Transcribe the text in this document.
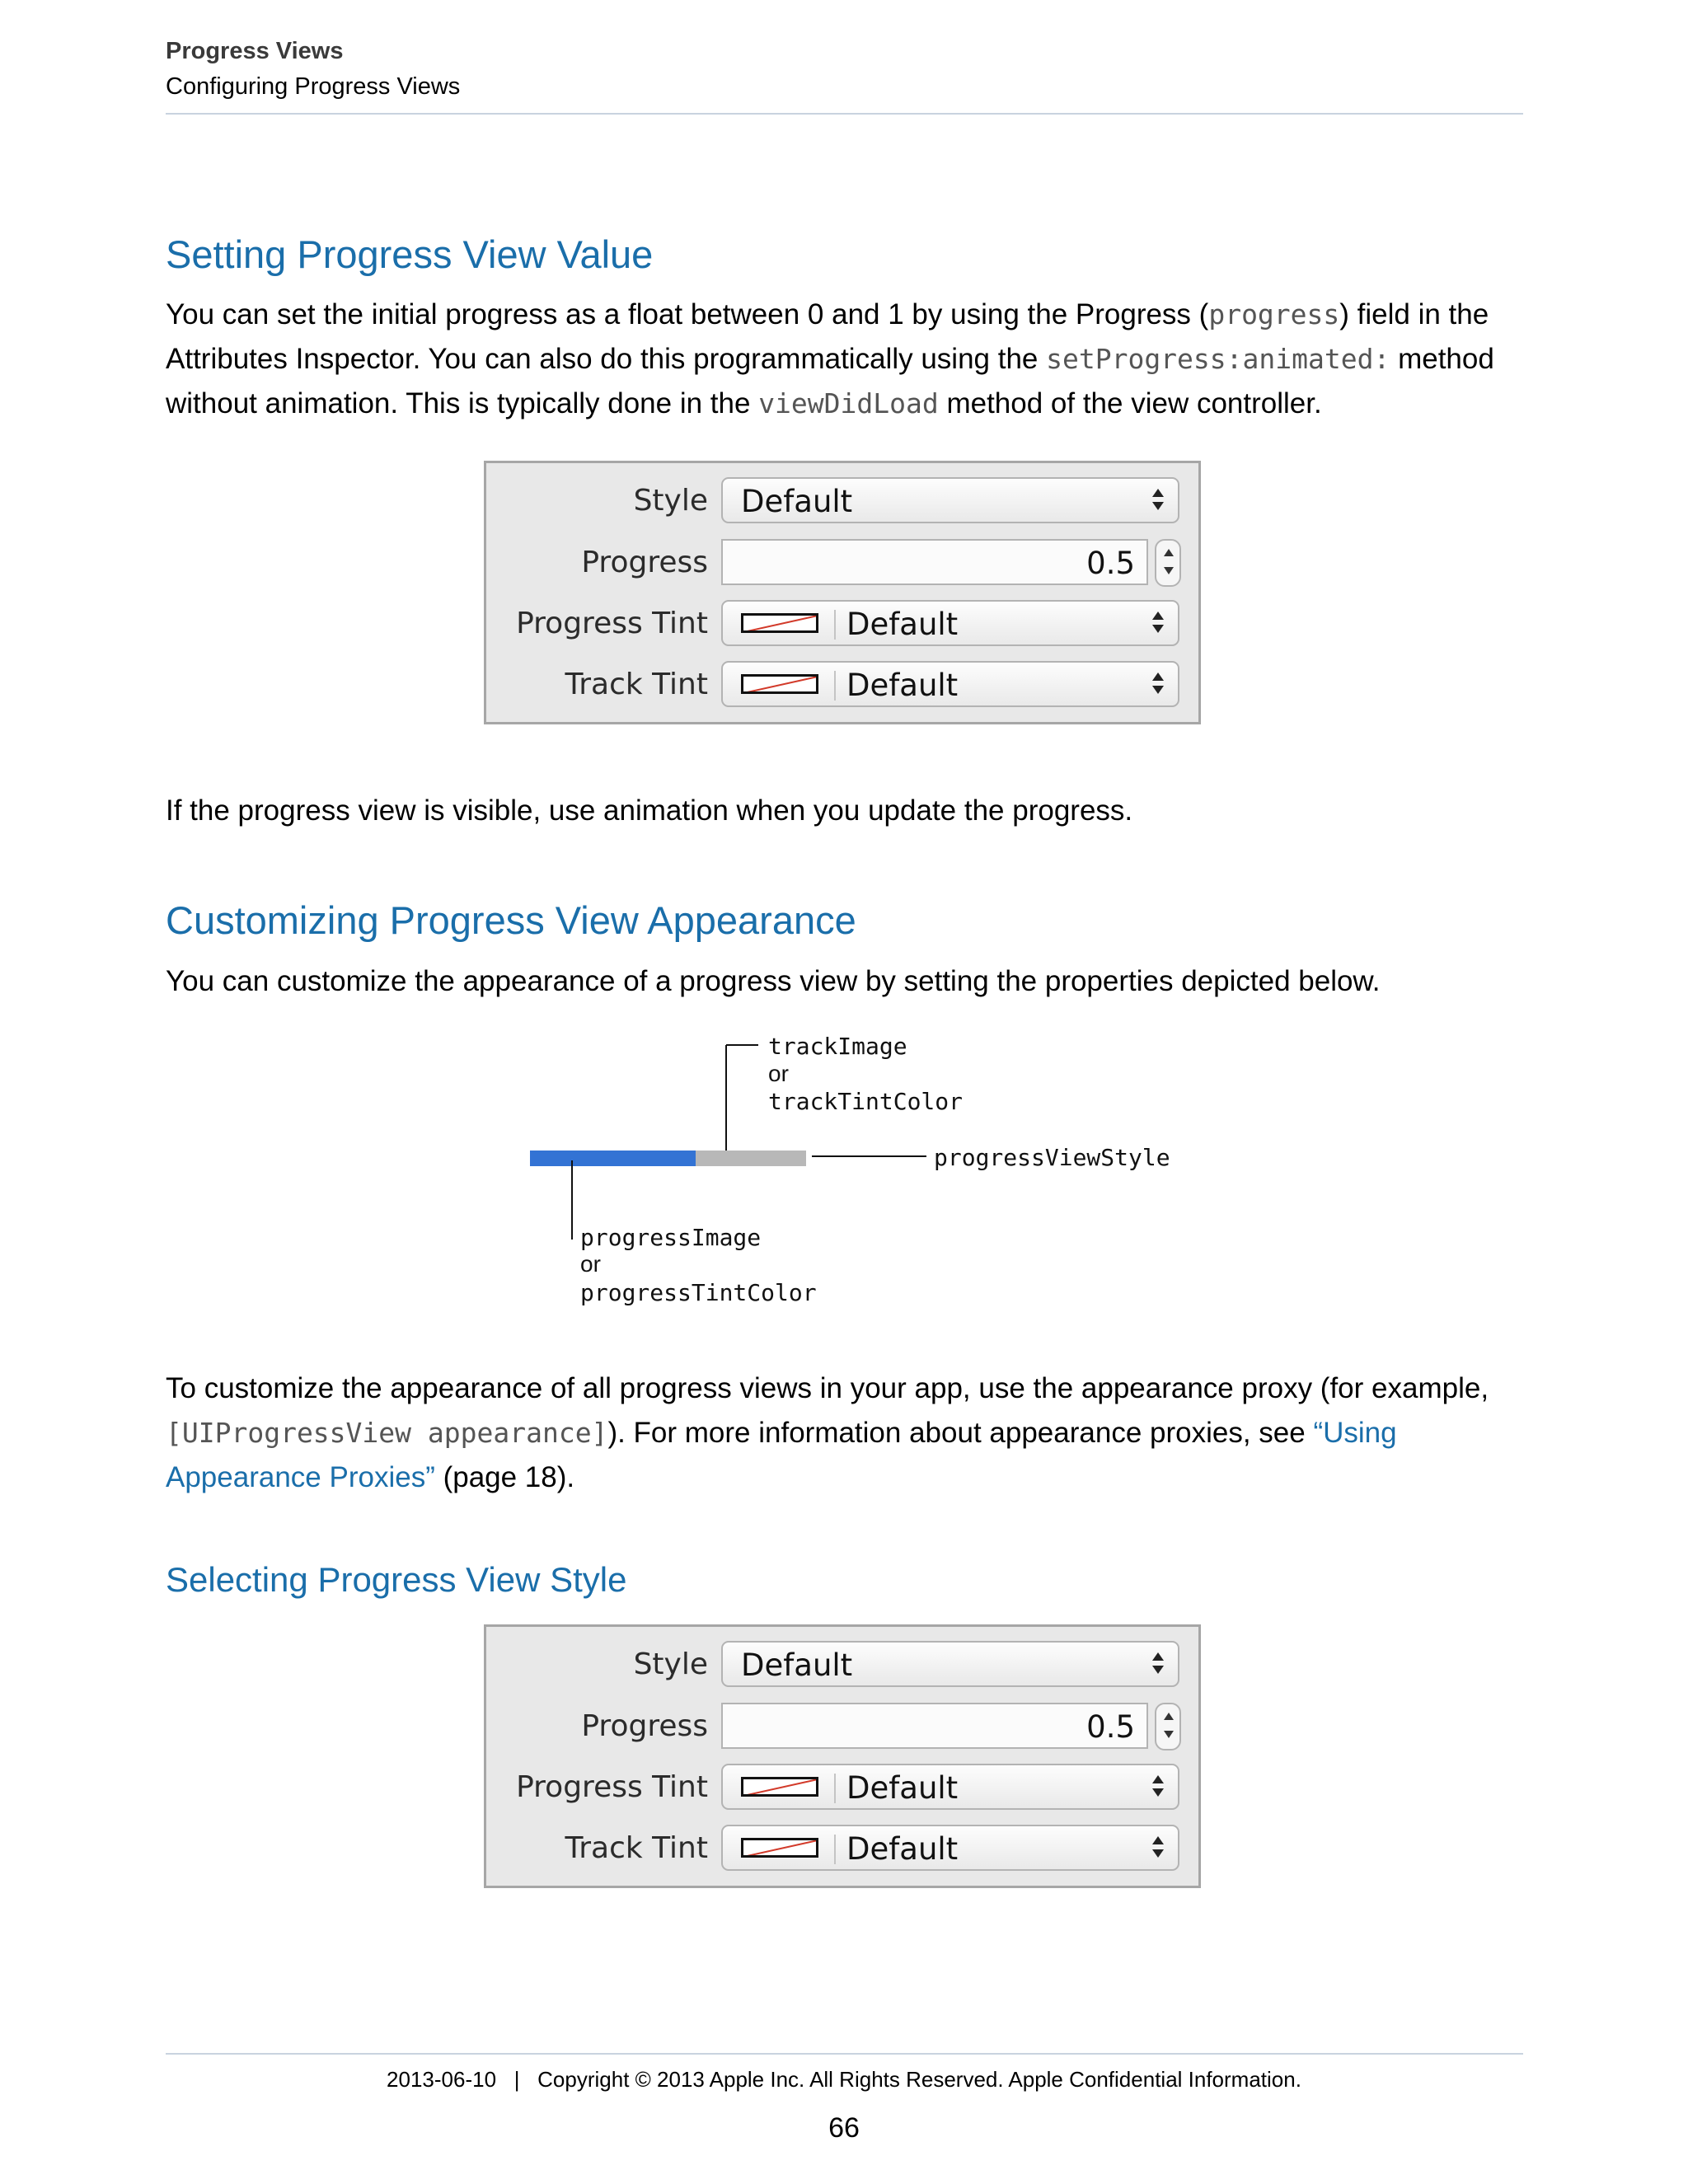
Progress Views
Configuring Progress Views
Setting Progress View Value
You can set the initial progress as a float between 0 and 1 by using the Progress (progress) field in the Attributes Inspector. You can also do this programmatically using the setProgress:animated: method without animation. This is typically done in the viewDidLoad method of the view controller.
Style Default
Progress	0.5
Progress Tint	Default
Track Tint	Default
If the progress view is visible, use animation when you update the progress.
Customizing Progress View Appearance
You can customize the appearance of a progress view by setting the properties depicted below.
trackImage
or
trackTintColor
progressViewStyle
progressImage
or
progressTintColor
To customize the appearance of all progress views in your app, use the appearance proxy (for example, [UIProgressView appearance]). For more information about appearance proxies, see “Using Appearance Proxies” (page 18).
Selecting Progress View Style
Style Default
Progress	0.5
Progress Tint	Default
Track Tint	Default
2013-06-10   |   Copyright © 2013 Apple Inc. All Rights Reserved. Apple Confidential Information.
66
